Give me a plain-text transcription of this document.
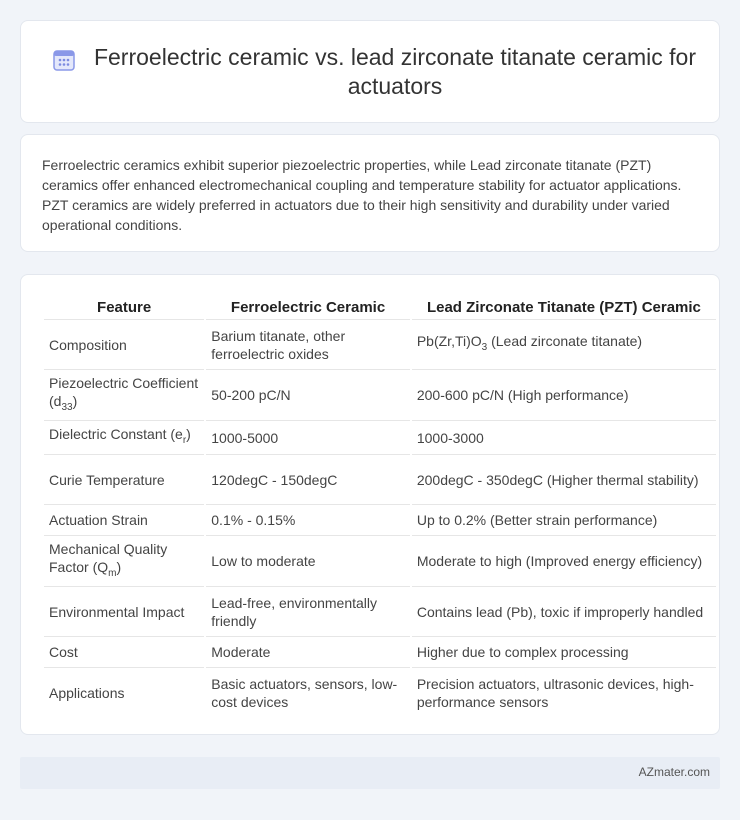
Ferroelectric ceramic vs. lead zirconate titanate ceramic for actuators

Ferroelectric ceramics exhibit superior piezoelectric properties, while Lead zirconate titanate (PZT) ceramics offer enhanced electromechanical coupling and temperature stability for actuator applications. PZT ceramics are widely preferred in actuators due to their high sensitivity and durability under varied operational conditions.

Feature	Ferroelectric Ceramic	Lead Zirconate Titanate (PZT) Ceramic
Composition	Barium titanate, other ferroelectric oxides	$Pb(Zr,Ti)O_3$ (Lead zirconate titanate)
Piezoelectric Coefficient $(d_{33})$	50-200 pC/N	200-600 pC/N (High performance)
Dielectric Constant $(e_r)$	1000-5000	1000-3000
Curie Temperature	120degC - 150degC	200degC - 350degC (Higher thermal stability)
Actuation Strain	0.1% - 0.15%	Up to 0.2% (Better strain performance)
Mechanical Quality Factor $(Q_m)$	Low to moderate	Moderate to high (Improved energy efficiency)
Environmental Impact	Lead-free, environmentally friendly	Contains lead (Pb), toxic if improperly handled
Cost	Moderate	Higher due to complex processing
Applications	Basic actuators, sensors, low-cost devices	Precision actuators, ultrasonic devices, high-performance sensors
AZmater.com
